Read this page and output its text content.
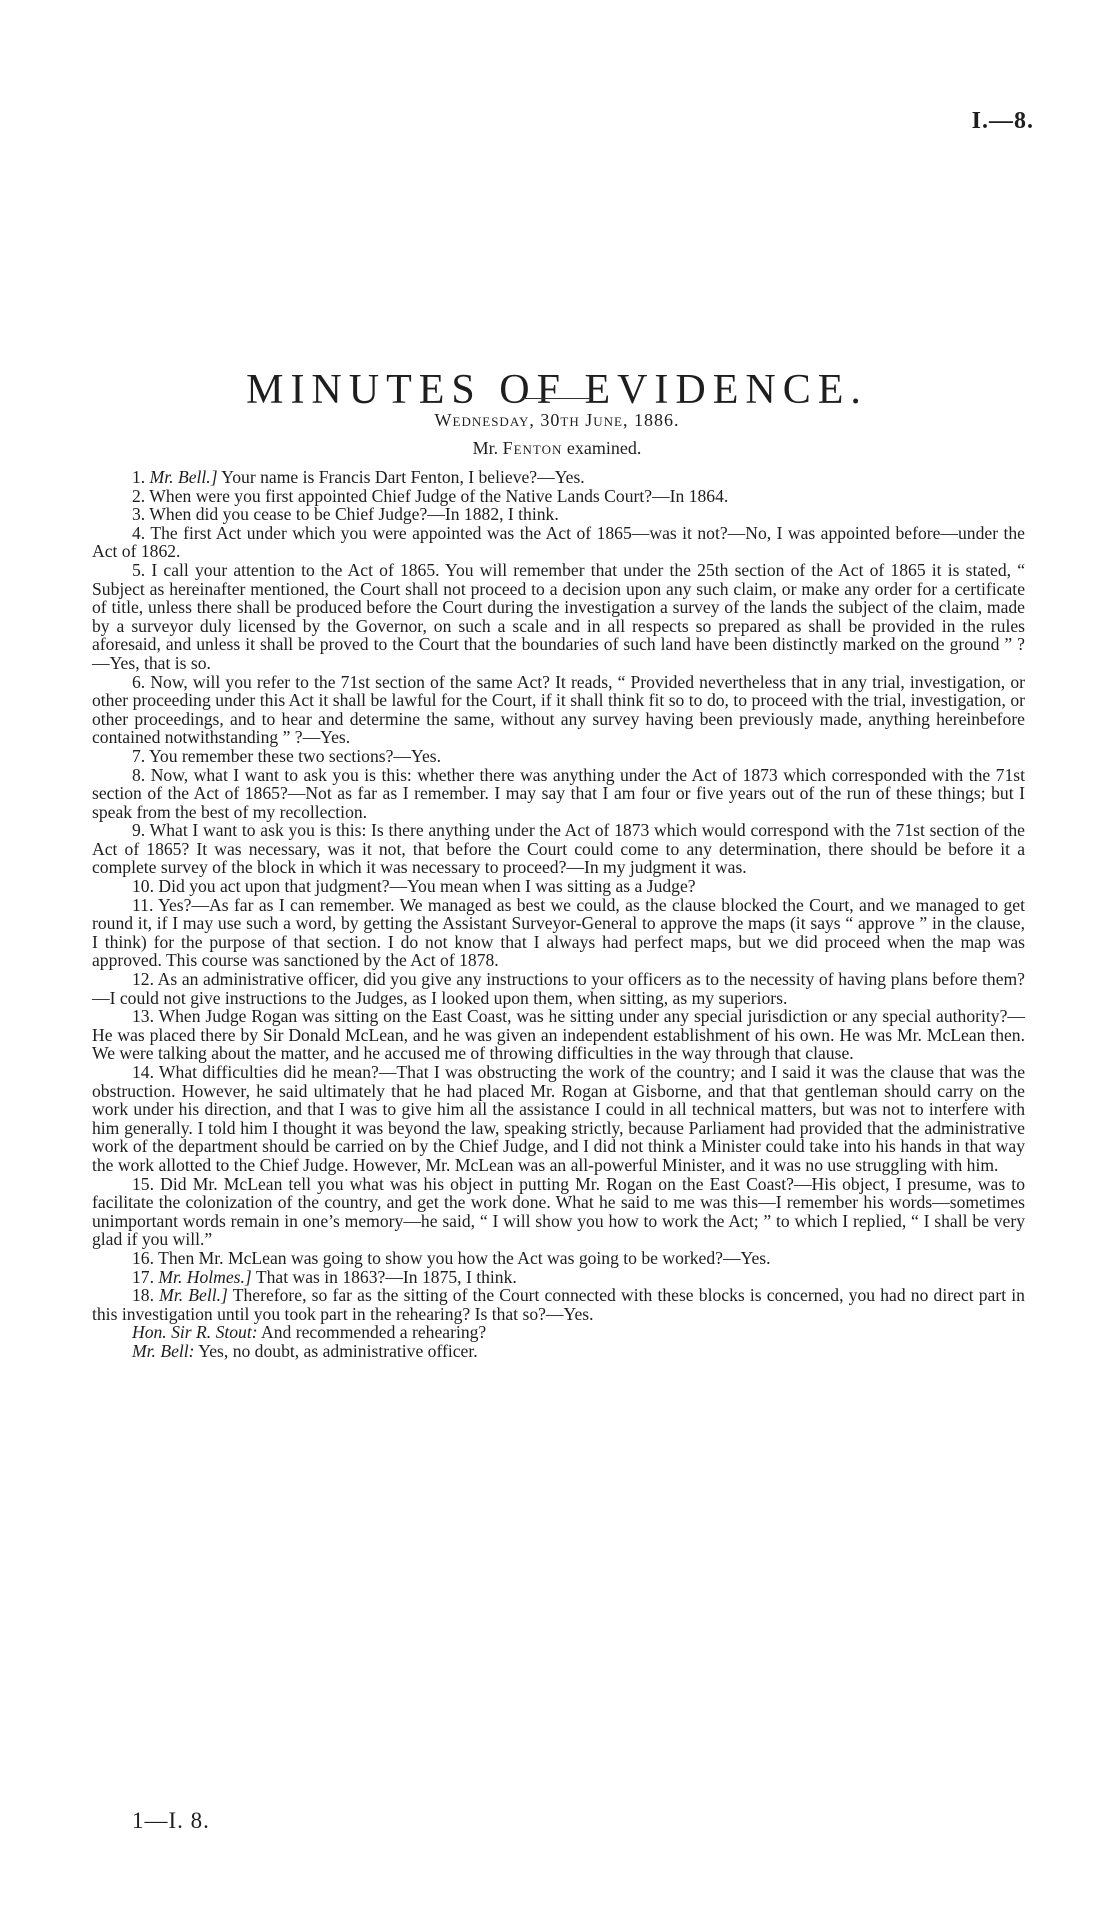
I.—8.
MINUTES OF EVIDENCE.
Wednesday, 30th June, 1886.
Mr. Fenton examined.

1. Mr. Bell.] Your name is Francis Dart Fenton, I believe?—Yes.

2. When were you first appointed Chief Judge of the Native Lands Court?—In 1864.

3. When did you cease to be Chief Judge?—In 1882, I think.

4. The first Act under which you were appointed was the Act of 1865—was it not?—No, I was appointed before—under the Act of 1862.

5. I call your attention to the Act of 1865. You will remember that under the 25th section of the Act of 1865 it is stated, “ Subject as hereinafter mentioned, the Court shall not proceed to a decision upon any such claim, or make any order for a certificate of title, unless there shall be produced before the Court during the investigation a survey of the lands the subject of the claim, made by a surveyor duly licensed by the Governor, on such a scale and in all respects so prepared as shall be provided in the rules aforesaid, and unless it shall be proved to the Court that the boundaries of such land have been distinctly marked on the ground ” ?—Yes, that is so.

6. Now, will you refer to the 71st section of the same Act? It reads, “ Provided nevertheless that in any trial, investigation, or other proceeding under this Act it shall be lawful for the Court, if it shall think fit so to do, to proceed with the trial, investigation, or other proceedings, and to hear and determine the same, without any survey having been previously made, anything hereinbefore contained notwithstanding ” ?—Yes.

7. You remember these two sections?—Yes.

8. Now, what I want to ask you is this: whether there was anything under the Act of 1873 which corresponded with the 71st section of the Act of 1865?—Not as far as I remember. I may say that I am four or five years out of the run of these things; but I speak from the best of my recollection.

9. What I want to ask you is this: Is there anything under the Act of 1873 which would correspond with the 71st section of the Act of 1865? It was necessary, was it not, that before the Court could come to any determination, there should be before it a complete survey of the block in which it was necessary to proceed?—In my judgment it was.

10. Did you act upon that judgment?—You mean when I was sitting as a Judge?

11. Yes?—As far as I can remember. We managed as best we could, as the clause blocked the Court, and we managed to get round it, if I may use such a word, by getting the Assistant Surveyor-General to approve the maps (it says “ approve ” in the clause, I think) for the purpose of that section. I do not know that I always had perfect maps, but we did proceed when the map was approved. This course was sanctioned by the Act of 1878.

12. As an administrative officer, did you give any instructions to your officers as to the necessity of having plans before them?—I could not give instructions to the Judges, as I looked upon them, when sitting, as my superiors.

13. When Judge Rogan was sitting on the East Coast, was he sitting under any special jurisdiction or any special authority?—He was placed there by Sir Donald McLean, and he was given an independent establishment of his own. He was Mr. McLean then. We were talking about the matter, and he accused me of throwing difficulties in the way through that clause.

14. What difficulties did he mean?—That I was obstructing the work of the country; and I said it was the clause that was the obstruction. However, he said ultimately that he had placed Mr. Rogan at Gisborne, and that that gentleman should carry on the work under his direction, and that I was to give him all the assistance I could in all technical matters, but was not to interfere with him generally. I told him I thought it was beyond the law, speaking strictly, because Parliament had provided that the administrative work of the department should be carried on by the Chief Judge, and I did not think a Minister could take into his hands in that way the work allotted to the Chief Judge. However, Mr. McLean was an all-powerful Minister, and it was no use struggling with him.

15. Did Mr. McLean tell you what was his object in putting Mr. Rogan on the East Coast?—His object, I presume, was to facilitate the colonization of the country, and get the work done. What he said to me was this—I remember his words—sometimes unimportant words remain in one’s memory—he said, “ I will show you how to work the Act; ” to which I replied, “ I shall be very glad if you will.”

16. Then Mr. McLean was going to show you how the Act was going to be worked?—Yes.

17. Mr. Holmes.] That was in 1863?—In 1875, I think.

18. Mr. Bell.] Therefore, so far as the sitting of the Court connected with these blocks is concerned, you had no direct part in this investigation until you took part in the rehearing? Is that so?—Yes.

Hon. Sir R. Stout: And recommended a rehearing?

Mr. Bell: Yes, no doubt, as administrative officer.

1—I. 8.
